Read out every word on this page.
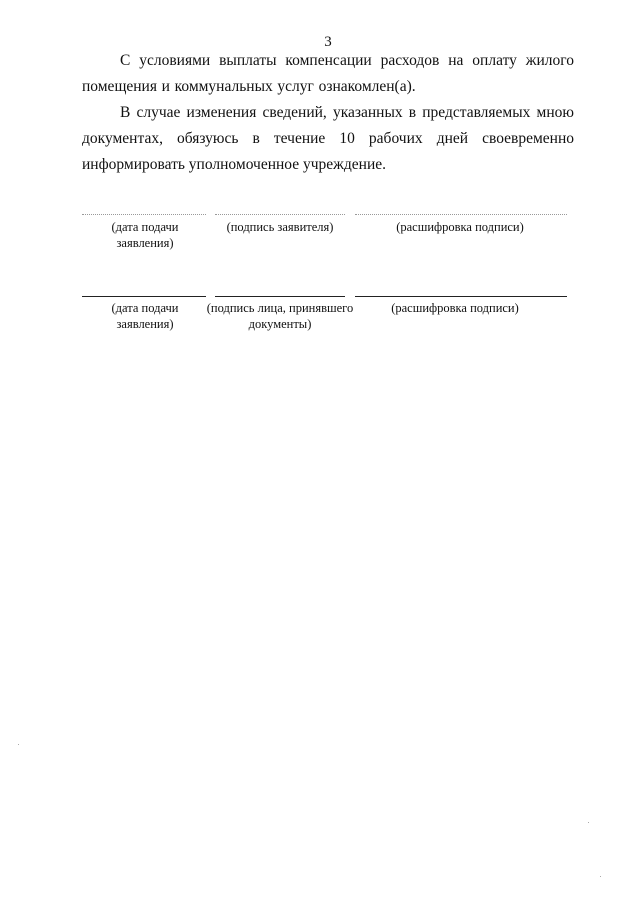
3
С условиями выплаты компенсации расходов на оплату жилого помещения и коммунальных услуг ознакомлен(а).
В случае изменения сведений, указанных в представляемых мною документах, обязуюсь в течение 10 рабочих дней своевременно информировать уполномоченное учреждение.
(дата подачи заявления)
(подпись заявителя)	(расшифровка подписи)
(дата подачи заявления)
(подпись лица, принявшего документы)
(расшифровка подписи)
